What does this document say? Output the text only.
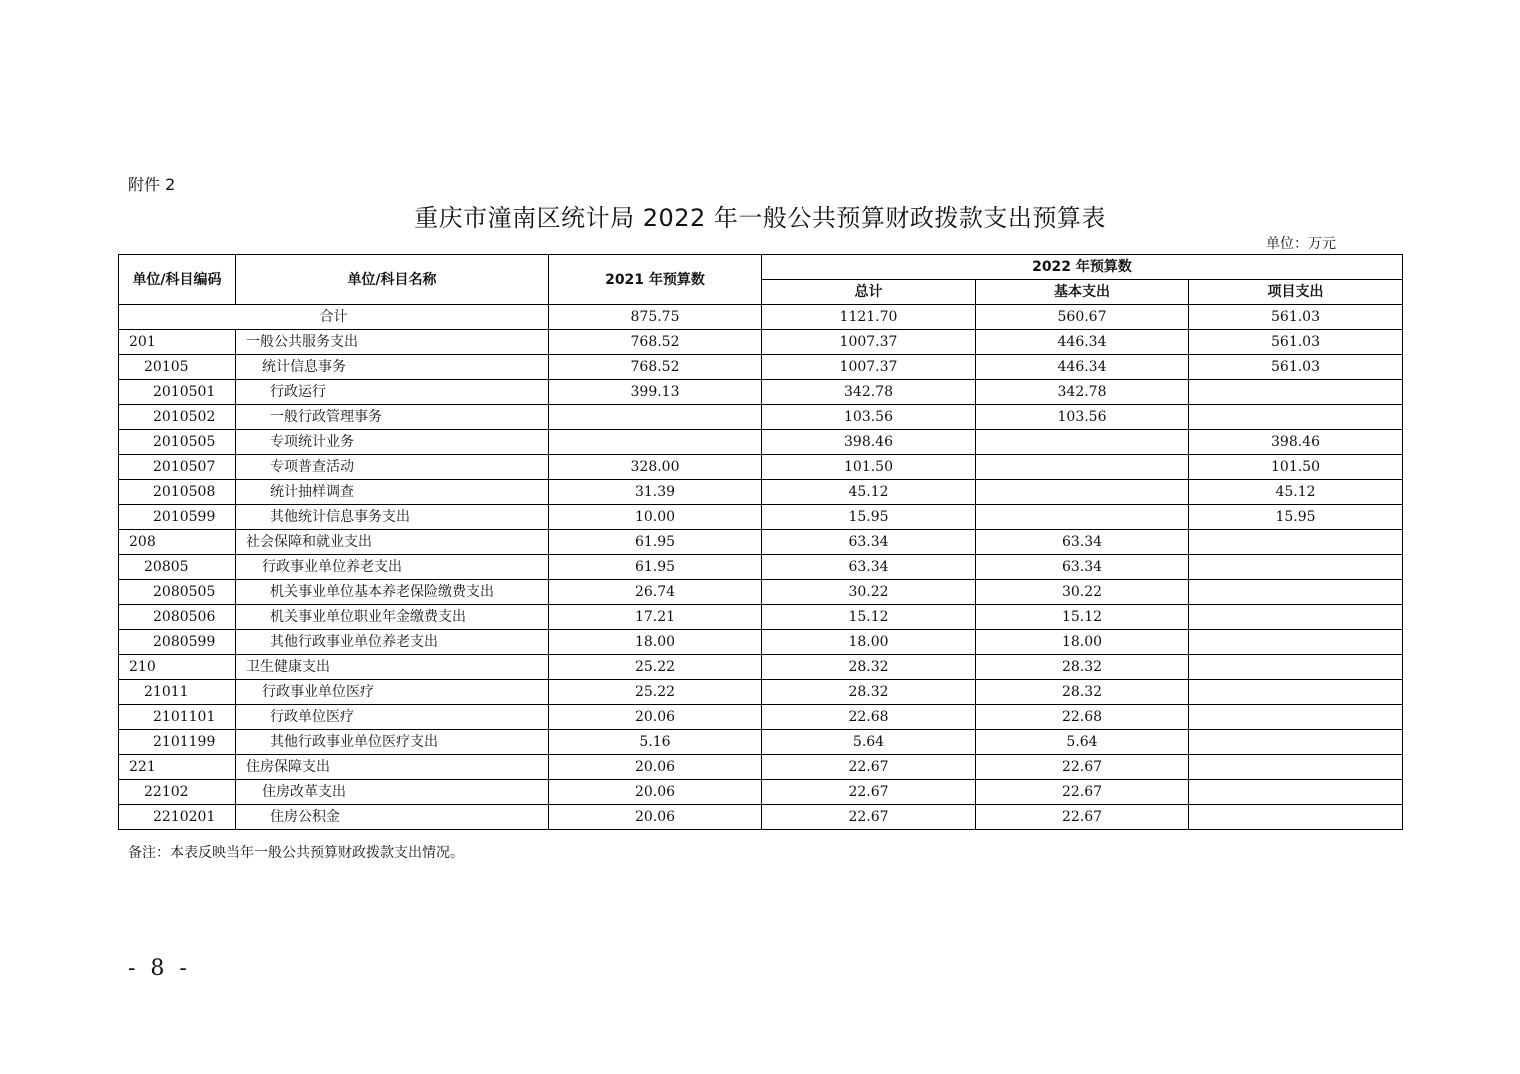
附件 2
重庆市潼南区统计局 2022 年一般公共预算财政拨款支出预算表
单位：万元
单位/科目编码	单位/科目名称	2021 年预算数	2022 年预算数		
			总计	基本支出	项目支出
合计		875.75	1121.70	560.67	561.03
201	一般公共服务支出	768.52	1007.37	446.34	561.03
20105	统计信息事务	768.52	1007.37	446.34	561.03
2010501	行政运行	399.13	342.78	342.78	
2010502	一般行政管理事务		103.56	103.56	
2010505	专项统计业务		398.46		398.46
2010507	专项普查活动	328.00	101.50		101.50
2010508	统计抽样调查	31.39	45.12		45.12
2010599	其他统计信息事务支出	10.00	15.95		15.95
208	社会保障和就业支出	61.95	63.34	63.34	
20805	行政事业单位养老支出	61.95	63.34	63.34	
2080505	机关事业单位基本养老保险缴费支出	26.74	30.22	30.22	
2080506	机关事业单位职业年金缴费支出	17.21	15.12	15.12	
2080599	其他行政事业单位养老支出	18.00	18.00	18.00	
210	卫生健康支出	25.22	28.32	28.32	
21011	行政事业单位医疗	25.22	28.32	28.32	
2101101	行政单位医疗	20.06	22.68	22.68	
2101199	其他行政事业单位医疗支出	5.16	5.64	5.64	
221	住房保障支出	20.06	22.67	22.67	
22102	住房改革支出	20.06	22.67	22.67	
2210201	住房公积金	20.06	22.67	22.67	
备注：本表反映当年一般公共预算财政拨款支出情况。
- 8 -
